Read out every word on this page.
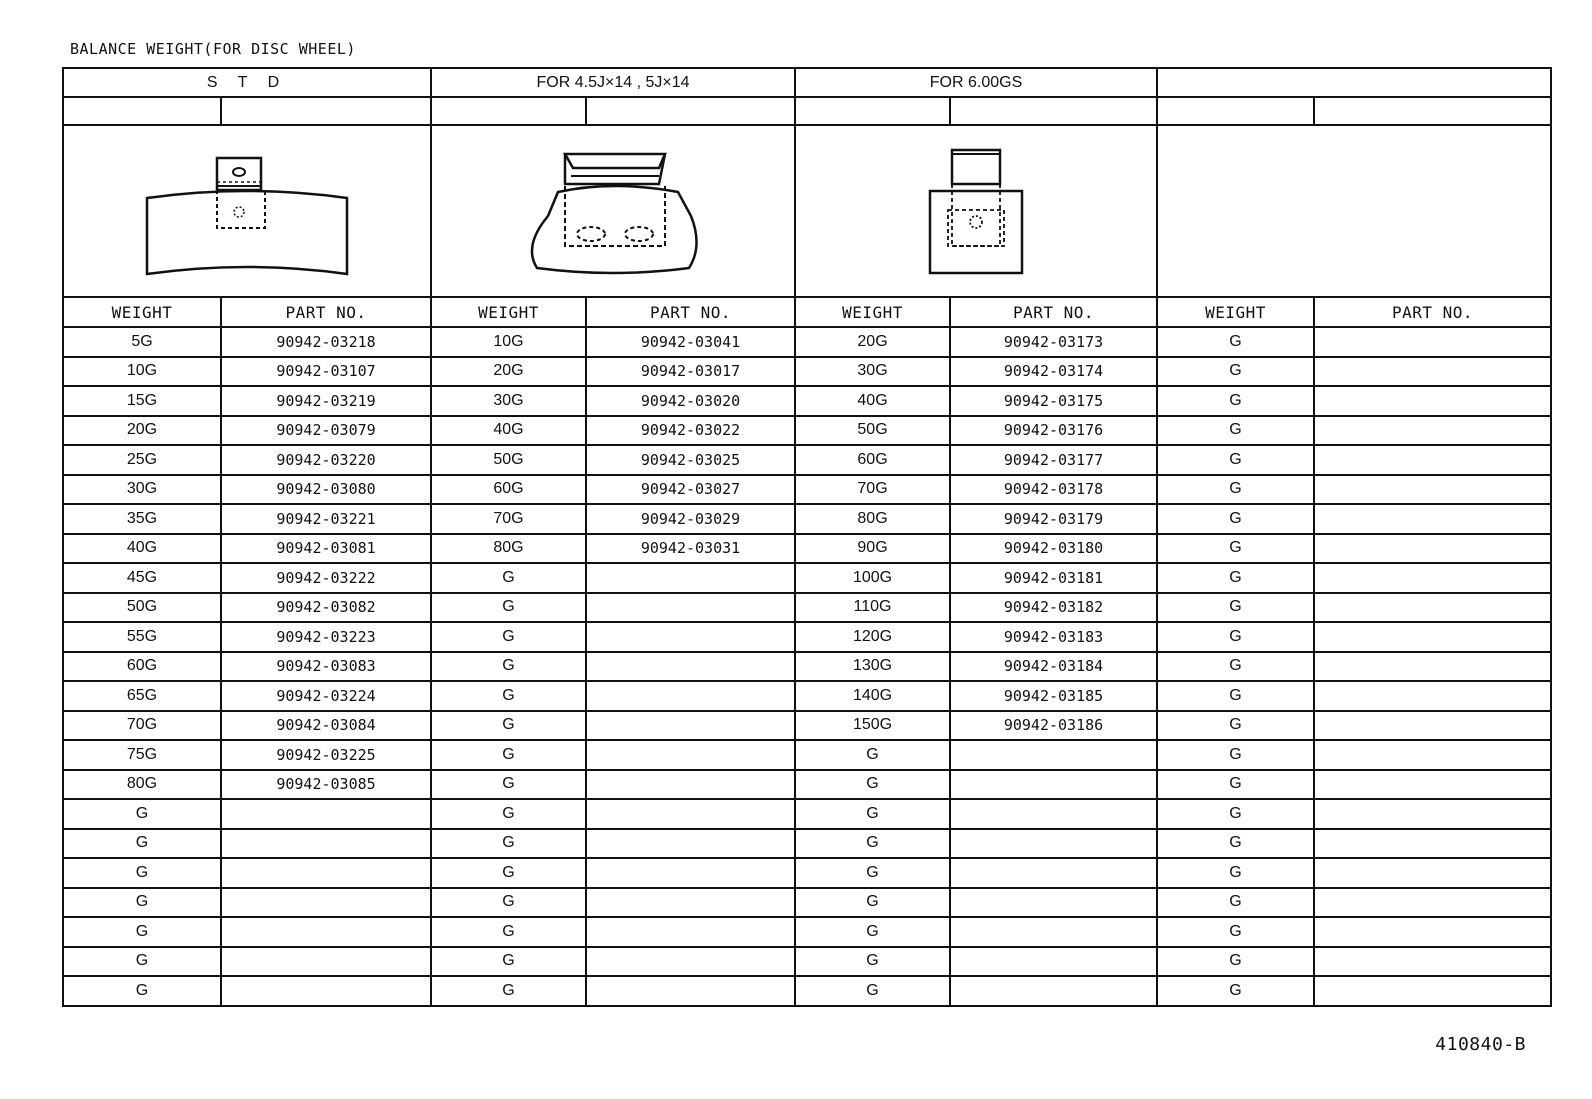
BALANCE WEIGHT(FOR DISC WHEEL)
S T D		FOR 4.5J×14 , 5J×14		FOR 6.00GS			

WEIGHT	PART NO.	WEIGHT	PART NO.	WEIGHT	PART NO.	WEIGHT	PART NO.
5G	90942-03218	10G	90942-03041	20G	90942-03173	G	
10G	90942-03107	20G	90942-03017	30G	90942-03174	G	
15G	90942-03219	30G	90942-03020	40G	90942-03175	G	
20G	90942-03079	40G	90942-03022	50G	90942-03176	G	
25G	90942-03220	50G	90942-03025	60G	90942-03177	G	
30G	90942-03080	60G	90942-03027	70G	90942-03178	G	
35G	90942-03221	70G	90942-03029	80G	90942-03179	G	
40G	90942-03081	80G	90942-03031	90G	90942-03180	G	
45G	90942-03222	G		100G	90942-03181	G	
50G	90942-03082	G		110G	90942-03182	G	
55G	90942-03223	G		120G	90942-03183	G	
60G	90942-03083	G		130G	90942-03184	G	
65G	90942-03224	G		140G	90942-03185	G	
70G	90942-03084	G		150G	90942-03186	G	
75G	90942-03225	G		G		G	
80G	90942-03085	G		G		G	
G		G		G		G	
G		G		G		G	
G		G		G		G	
G		G		G		G	
G		G		G		G	
G		G		G		G	
G		G		G		G	
410840-B
